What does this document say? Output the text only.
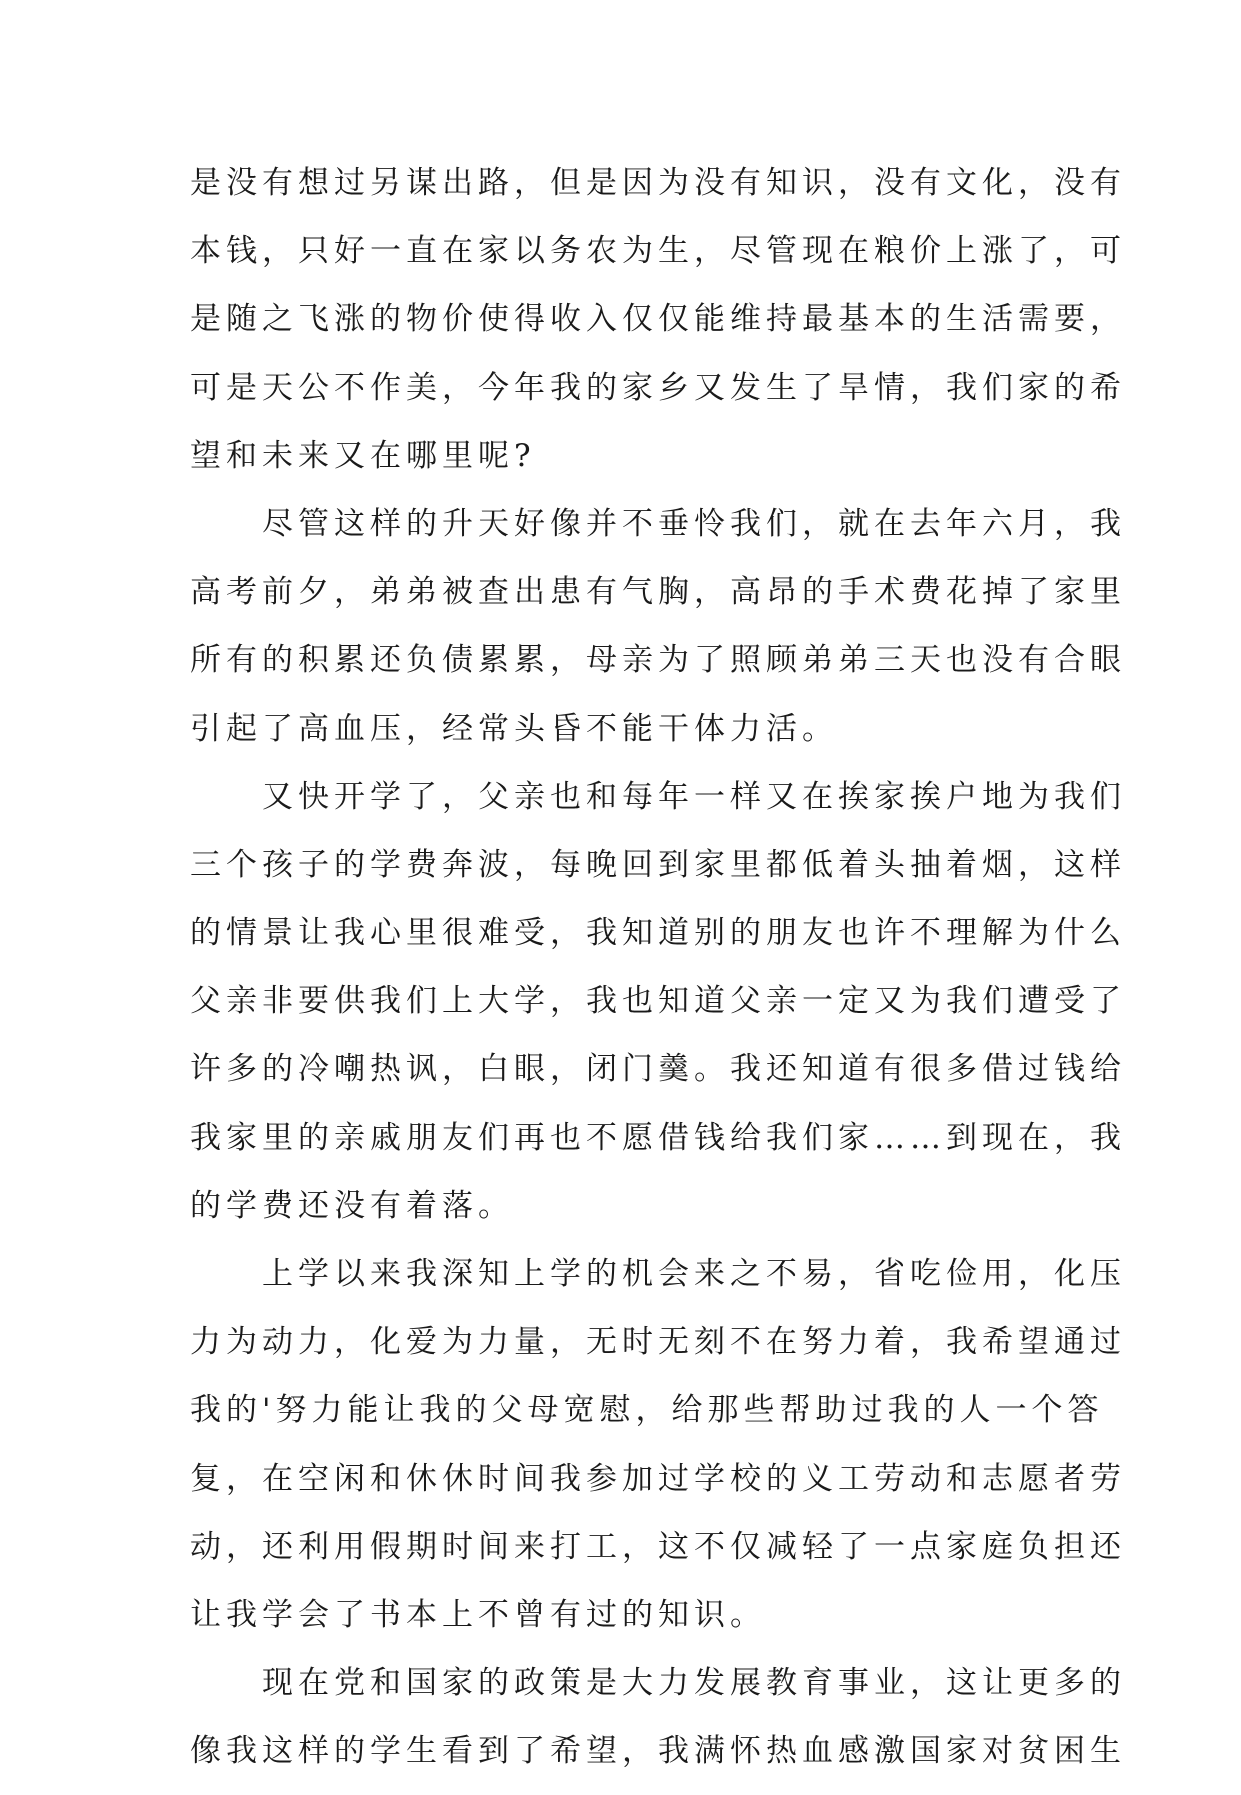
是没有想过另谋出路，但是因为没有知识，没有文化，没有
本钱，只好一直在家以务农为生，尽管现在粮价上涨了，可
是随之飞涨的物价使得收入仅仅能维持最基本的生活需要，
可是天公不作美，今年我的家乡又发生了旱情，我们家的希
望和未来又在哪里呢?
尽管这样的升天好像并不垂怜我们，就在去年六月，我
高考前夕，弟弟被查出患有气胸，高昂的手术费花掉了家里
所有的积累还负债累累，母亲为了照顾弟弟三天也没有合眼
引起了高血压，经常头昏不能干体力活。
又快开学了，父亲也和每年一样又在挨家挨户地为我们
三个孩子的学费奔波，每晚回到家里都低着头抽着烟，这样
的情景让我心里很难受，我知道别的朋友也许不理解为什么
父亲非要供我们上大学，我也知道父亲一定又为我们遭受了
许多的冷嘲热讽，白眼，闭门羹。我还知道有很多借过钱给
我家里的亲戚朋友们再也不愿借钱给我们家……到现在，我
的学费还没有着落。
上学以来我深知上学的机会来之不易，省吃俭用，化压
力为动力，化爱为力量，无时无刻不在努力着，我希望通过
我的'努力能让我的父母宽慰，给那些帮助过我的人一个答
复，在空闲和休休时间我参加过学校的义工劳动和志愿者劳
动，还利用假期时间来打工，这不仅减轻了一点家庭负担还
让我学会了书本上不曾有过的知识。
现在党和国家的政策是大力发展教育事业，这让更多的
像我这样的学生看到了希望，我满怀热血感激国家对贫困生
